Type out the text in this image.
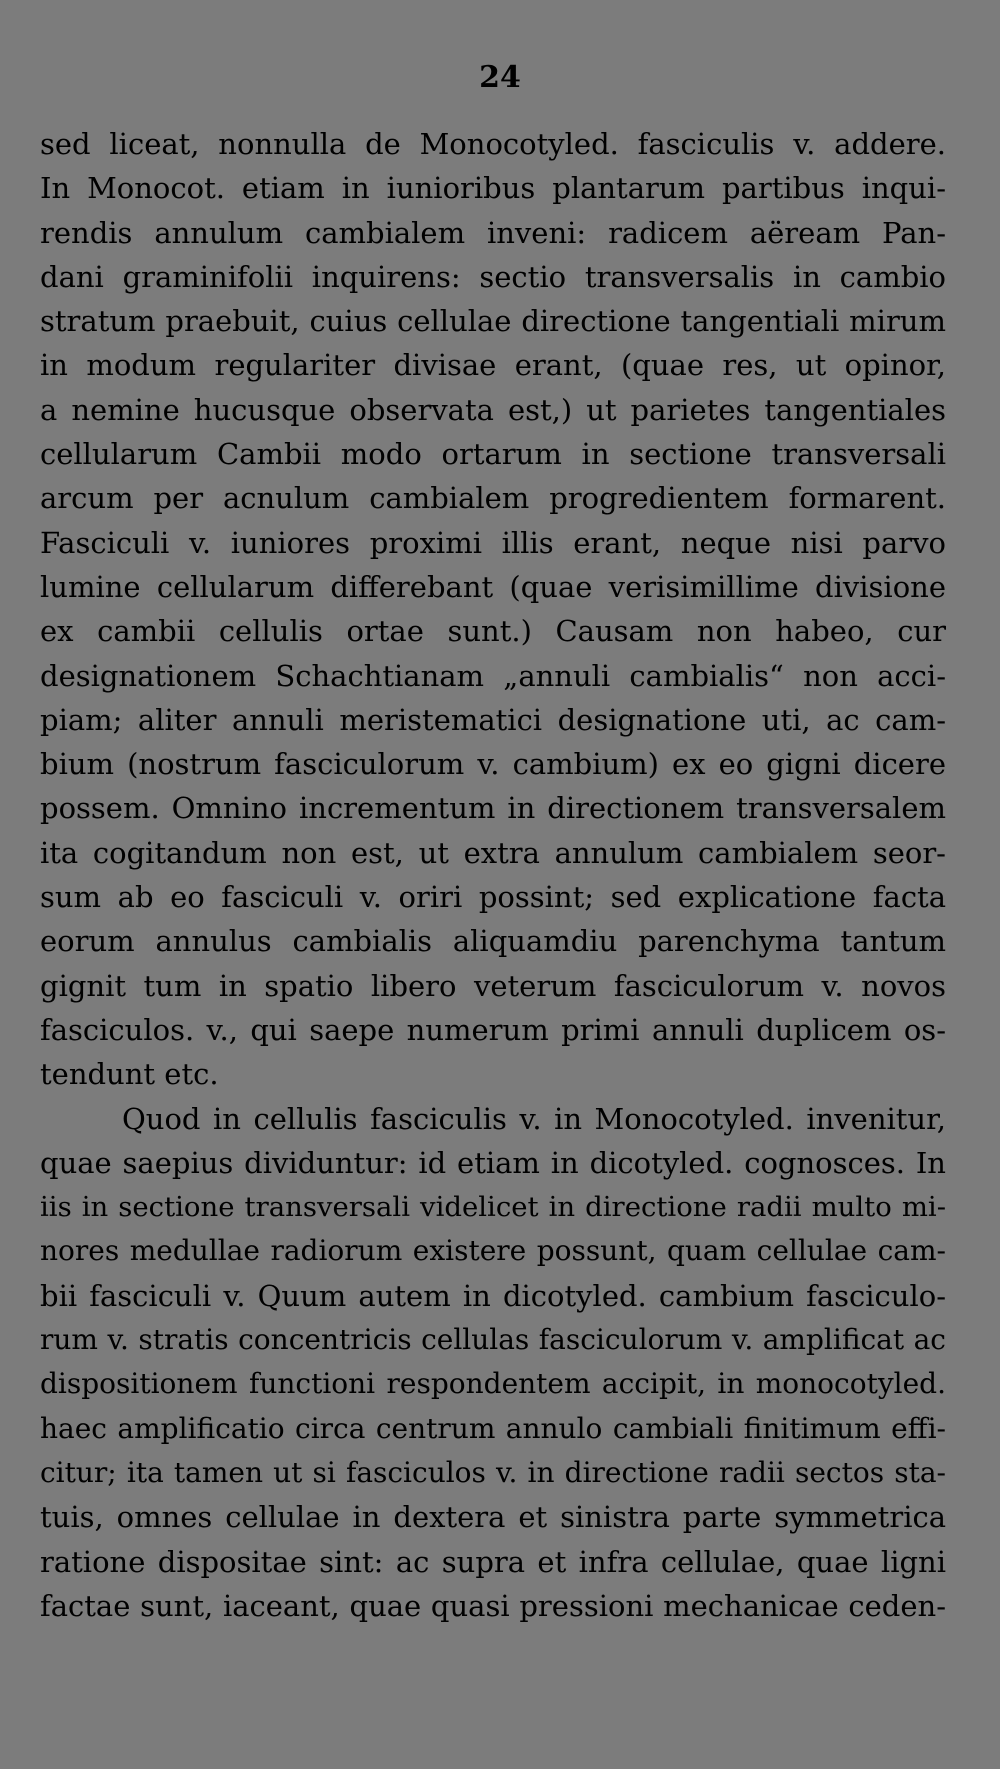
24
sed liceat, nonnulla de Monocotyled. fasciculis v. addere.
In Monocot. etiam in iunioribus plantarum partibus inqui-
rendis annulum cambialem inveni: radicem aëream Pan-
dani graminifolii inquirens: sectio transversalis in cambio
stratum praebuit, cuius cellulae directione tangentiali mirum
in modum regulariter divisae erant, (quae res, ut opinor,
a nemine hucusque observata est,) ut parietes tangentiales
cellularum Cambii modo ortarum in sectione transversali
arcum per acnulum cambialem progredientem formarent.
Fasciculi v. iuniores proximi illis erant, neque nisi parvo
lumine cellularum differebant (quae verisimillime divisione
ex cambii cellulis ortae sunt.) Causam non habeo, cur
designationem Schachtianam „annuli cambialis“ non acci-
piam; aliter annuli meristematici designatione uti, ac cam-
bium (nostrum fasciculorum v. cambium) ex eo gigni dicere
possem. Omnino incrementum in directionem transversalem
ita cogitandum non est, ut extra annulum cambialem seor-
sum ab eo fasciculi v. oriri possint; sed explicatione facta
eorum annulus cambialis aliquamdiu parenchyma tantum
gignit tum in spatio libero veterum fasciculorum v. novos
fasciculos. v., qui saepe numerum primi annuli duplicem os-
tendunt etc.
Quod in cellulis fasciculis v. in Monocotyled. invenitur,
quae saepius dividuntur: id etiam in dicotyled. cognosces. In
iis in sectione transversali videlicet in directione radii multo mi-
nores medullae radiorum existere possunt, quam cellulae cam-
bii fasciculi v. Quum autem in dicotyled. cambium fasciculo-
rum v. stratis concentricis cellulas fasciculorum v. amplificat ac
dispositionem functioni respondentem accipit, in monocotyled.
haec amplificatio circa centrum annulo cambiali finitimum effi-
citur; ita tamen ut si fasciculos v. in directione radii sectos sta-
tuis, omnes cellulae in dextera et sinistra parte symmetrica
ratione dispositae sint: ac supra et infra cellulae, quae ligni
factae sunt, iaceant, quae quasi pressioni mechanicae ceden-
